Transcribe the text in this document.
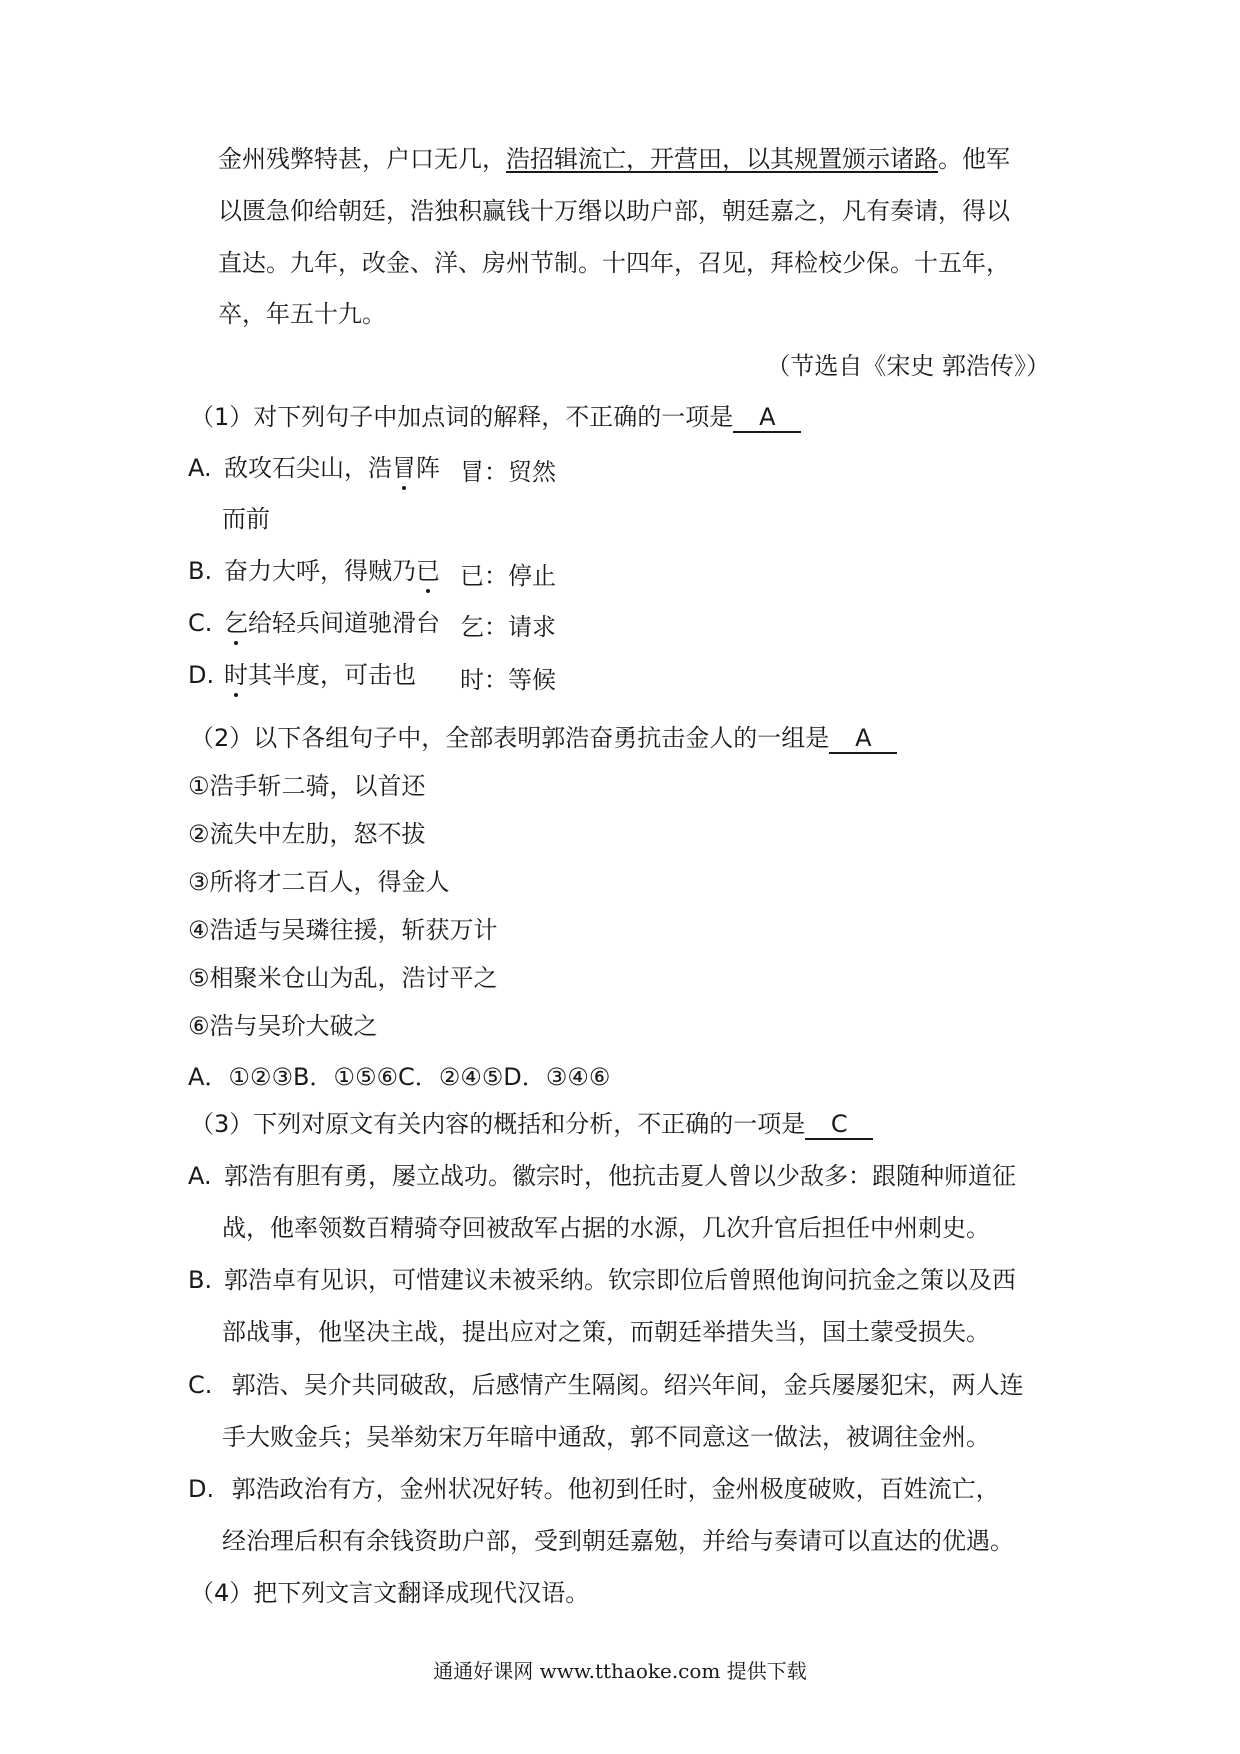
金州残弊特甚，户口无几，浩招辑流亡，开营田，以其规置颁示诸路。他军
以匮急仰给朝廷，浩独积赢钱十万缗以助户部，朝廷嘉之，凡有奏请，得以
直达。九年，改金、洋、房州节制。十四年，召见，拜检校少保。十五年，
卒，年五十九。
（节选自《宋史 郭浩传》）
（1）对下列句子中加点词的解释，不正确的一项是 A
A. 敌攻石尖山，浩冒阵 冒：贸然
而前
B. 奋力大呼，得贼乃已 已：停止
C. 乞给轻兵间道驰滑台 乞：请求
D. 时其半度，可击也 时：等候
（2）以下各组句子中，全部表明郭浩奋勇抗击金人的一组是 A
①浩手斩二骑，以首还
②流失中左肋，怒不拔
③所将才二百人，得金人
④浩适与吴璘往援，斩获万计
⑤相聚米仓山为乱，浩讨平之
⑥浩与吴玠大破之
A．①②③B．①⑤⑥C．②④⑤D．③④⑥
（3）下列对原文有关内容的概括和分析，不正确的一项是 C
A. 郭浩有胆有勇，屡立战功。徽宗时，他抗击夏人曾以少敌多：跟随种师道征
战，他率领数百精骑夺回被敌军占据的水源，几次升官后担任中州刺史。
B. 郭浩卓有见识，可惜建议未被采纳。钦宗即位后曾照他询问抗金之策以及西
部战事，他坚决主战，提出应对之策，而朝廷举措失当，国土蒙受损失。
C. 郭浩、吴介共同破敌，后感情产生隔阂。绍兴年间，金兵屡屡犯宋，两人连
手大败金兵；吴举劾宋万年暗中通敌，郭不同意这一做法，被调往金州。
D. 郭浩政治有方，金州状况好转。他初到任时，金州极度破败，百姓流亡，
经治理后积有余钱资助户部，受到朝廷嘉勉，并给与奏请可以直达的优遇。
（4）把下列文言文翻译成现代汉语。
通通好课网 www.tthaoke.com 提供下载
